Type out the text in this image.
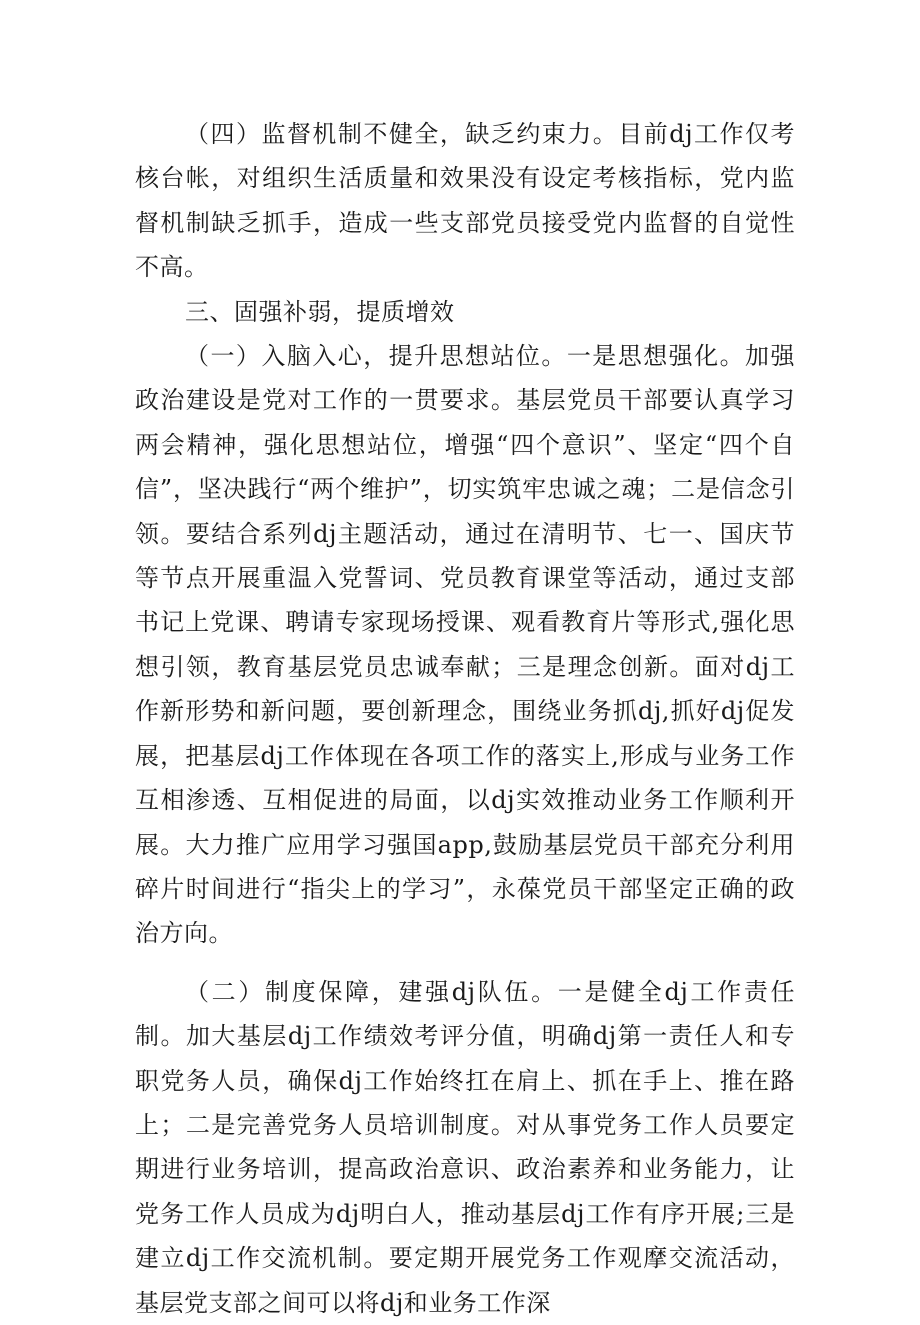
（四）监督机制不健全，缺乏约束力。目前dj工作仅考核台帐，对组织生活质量和效果没有设定考核指标，党内监督机制缺乏抓手，造成一些支部党员接受党内监督的自觉性不高。

三、固强补弱，提质增效

（一）入脑入心，提升思想站位。一是思想强化。加强政治建设是党对工作的一贯要求。基层党员干部要认真学习两会精神，强化思想站位，增强“四个意识”、坚定“四个自信”，坚决践行“两个维护”，切实筑牢忠诚之魂；二是信念引领。要结合系列dj主题活动，通过在清明节、七一、国庆节等节点开展重温入党誓词、党员教育课堂等活动，通过支部书记上党课、聘请专家现场授课、观看教育片等形式,强化思想引领，教育基层党员忠诚奉献；三是理念创新。面对dj工作新形势和新问题，要创新理念，围绕业务抓dj,抓好dj促发展，把基层dj工作体现在各项工作的落实上,形成与业务工作互相渗透、互相促进的局面，以dj实效推动业务工作顺利开展。大力推广应用学习强国app,鼓励基层党员干部充分利用碎片时间进行“指尖上的学习”，永葆党员干部坚定正确的政治方向。

（二）制度保障，建强dj队伍。一是健全dj工作责任制。加大基层dj工作绩效考评分值，明确dj第一责任人和专职党务人员，确保dj工作始终扛在肩上、抓在手上、推在路上；二是完善党务人员培训制度。对从事党务工作人员要定期进行业务培训，提高政治意识、政治素养和业务能力，让党务工作人员成为dj明白人，推动基层dj工作有序开展;三是建立dj工作交流机制。要定期开展党务工作观摩交流活动，基层党支部之间可以将dj和业务工作深
